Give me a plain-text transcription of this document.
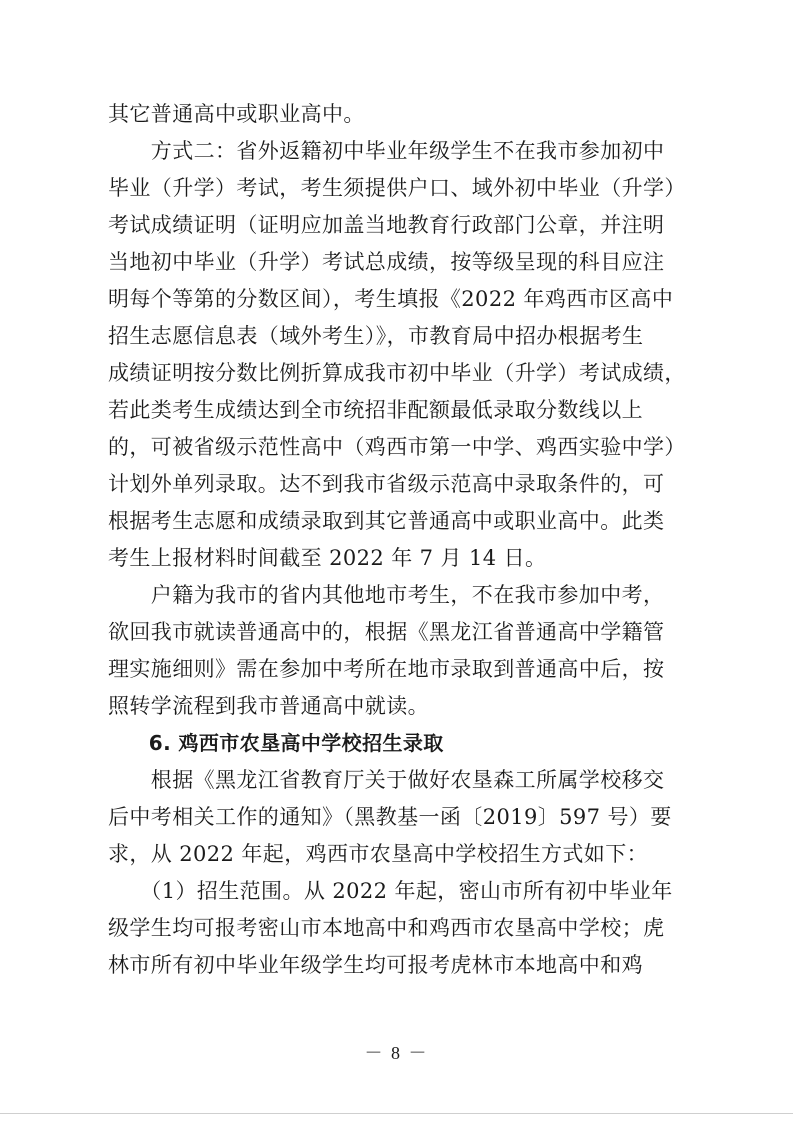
其它普通高中或职业高中。
　　方式二：省外返籍初中毕业年级学生不在我市参加初中
毕业（升学）考试，考生须提供户口、域外初中毕业（升学）
考试成绩证明（证明应加盖当地教育行政部门公章，并注明
当地初中毕业（升学）考试总成绩，按等级呈现的科目应注
明每个等第的分数区间），考生填报《2022 年鸡西市区高中
招生志愿信息表（域外考生）》，市教育局中招办根据考生
成绩证明按分数比例折算成我市初中毕业（升学）考试成绩，
若此类考生成绩达到全市统招非配额最低录取分数线以上
的，可被省级示范性高中（鸡西市第一中学、鸡西实验中学）
计划外单列录取。达不到我市省级示范高中录取条件的，可
根据考生志愿和成绩录取到其它普通高中或职业高中。此类
考生上报材料时间截至 2022 年 7 月 14 日。
　　户籍为我市的省内其他地市考生，不在我市参加中考，
欲回我市就读普通高中的，根据《黑龙江省普通高中学籍管
理实施细则》需在参加中考所在地市录取到普通高中后，按
照转学流程到我市普通高中就读。
　　6. 鸡西市农垦高中学校招生录取
　　根据《黑龙江省教育厅关于做好农垦森工所属学校移交
后中考相关工作的通知》（黑教基一函〔2019〕597 号）要
求，从 2022 年起，鸡西市农垦高中学校招生方式如下：
　　（1）招生范围。从 2022 年起，密山市所有初中毕业年
级学生均可报考密山市本地高中和鸡西市农垦高中学校；虎
林市所有初中毕业年级学生均可报考虎林市本地高中和鸡
－ 8 －
